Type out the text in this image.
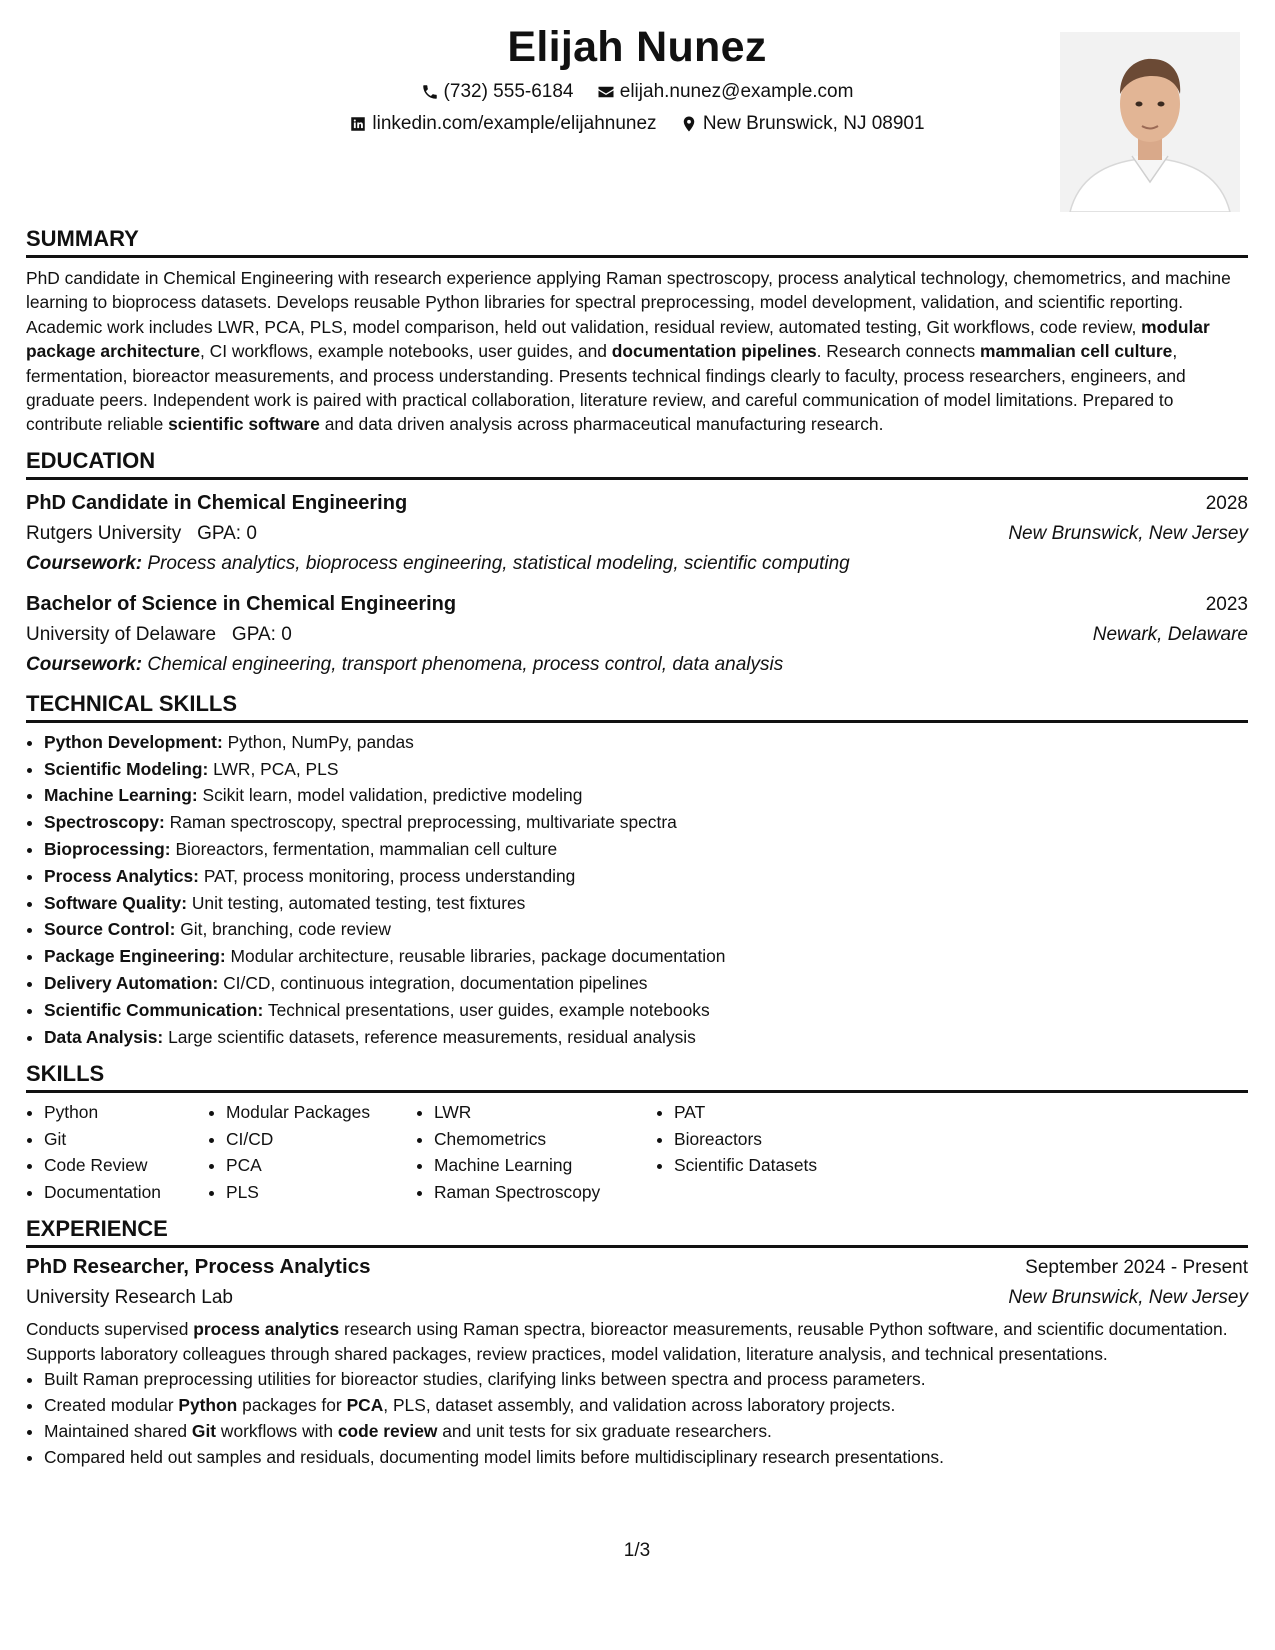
Elijah Nunez
(732) 555-6184
elijah.nunez@example.com
linkedin.com/example/elijahnunez
New Brunswick, NJ 08901
SUMMARY

PhD candidate in Chemical Engineering with research experience applying Raman spectroscopy, process analytical technology, chemometrics, and machine learning to bioprocess datasets. Develops reusable Python libraries for spectral preprocessing, model development, validation, and scientific reporting. Academic work includes LWR, PCA, PLS, model comparison, held out validation, residual review, automated testing, Git workflows, code review, modular package architecture, CI workflows, example notebooks, user guides, and documentation pipelines. Research connects mammalian cell culture, fermentation, bioreactor measurements, and process understanding. Presents technical findings clearly to faculty, process researchers, engineers, and graduate peers. Independent work is paired with practical collaboration, literature review, and careful communication of model limitations. Prepared to contribute reliable scientific software and data driven analysis across pharmaceutical manufacturing research.

EDUCATION
PhD Candidate in Chemical Engineering	2028
Rutgers University GPA: 0	New Brunswick, New Jersey
Coursework: Process analytics, bioprocess engineering, statistical modeling, scientific computing
Bachelor of Science in Chemical Engineering	2023
University of Delaware GPA: 0	Newark, Delaware
Coursework: Chemical engineering, transport phenomena, process control, data analysis
TECHNICAL SKILLS
• Python Development: Python, NumPy, pandas
• Scientific Modeling: LWR, PCA, PLS
• Machine Learning: Scikit learn, model validation, predictive modeling
• Spectroscopy: Raman spectroscopy, spectral preprocessing, multivariate spectra
• Bioprocessing: Bioreactors, fermentation, mammalian cell culture
• Process Analytics: PAT, process monitoring, process understanding
• Software Quality: Unit testing, automated testing, test fixtures
• Source Control: Git, branching, code review
• Package Engineering: Modular architecture, reusable libraries, package documentation
• Delivery Automation: CI/CD, continuous integration, documentation pipelines
• Scientific Communication: Technical presentations, user guides, example notebooks
• Data Analysis: Large scientific datasets, reference measurements, residual analysis
SKILLS
• Python
• Git
• Code Review
• Documentation
• Modular Packages
• CI/CD
• PCA
• PLS
• LWR
• Chemometrics
• Machine Learning
• Raman Spectroscopy
• PAT
• Bioreactors
• Scientific Datasets
EXPERIENCE
PhD Researcher, Process Analytics	September 2024 - Present
University Research Lab	New Brunswick, New Jersey

Conducts supervised process analytics research using Raman spectra, bioreactor measurements, reusable Python software, and scientific documentation. Supports laboratory colleagues through shared packages, review practices, model validation, literature analysis, and technical presentations.

• Built Raman preprocessing utilities for bioreactor studies, clarifying links between spectra and process parameters.
• Created modular Python packages for PCA, PLS, dataset assembly, and validation across laboratory projects.
• Maintained shared Git workflows with code review and unit tests for six graduate researchers.
• Compared held out samples and residuals, documenting model limits before multidisciplinary research presentations.
1/3
